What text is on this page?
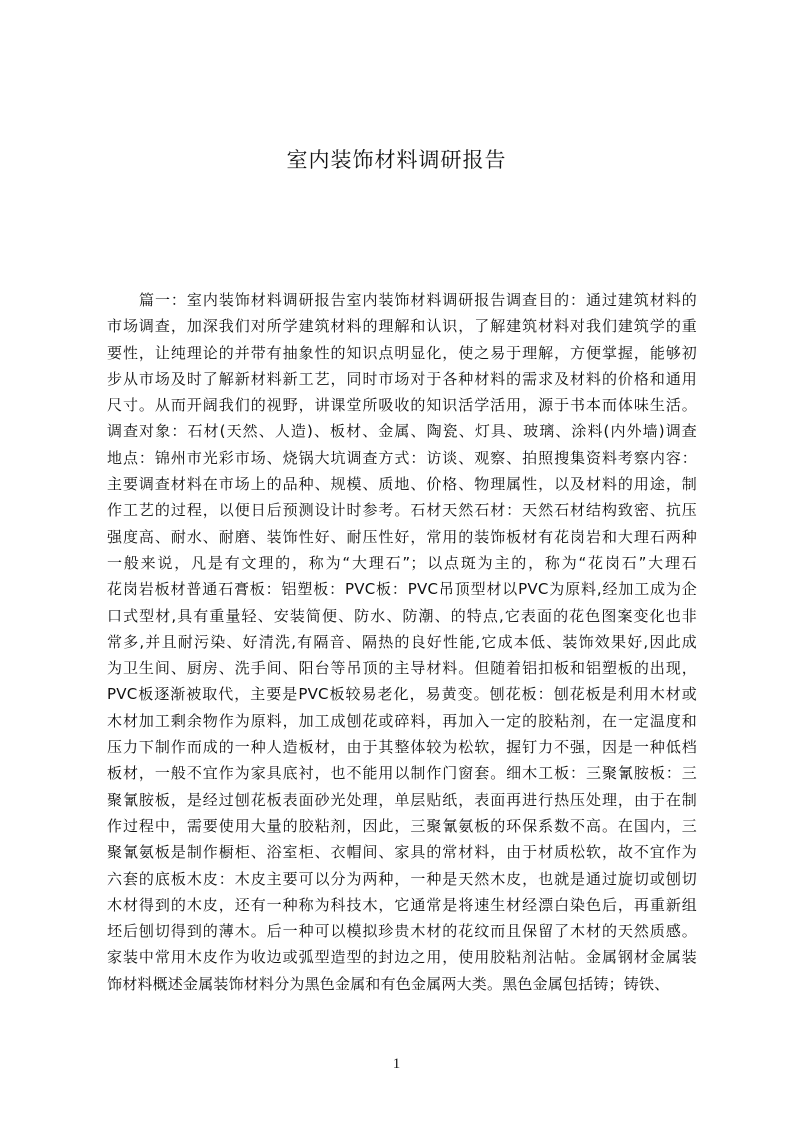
室内装饰材料调研报告
篇一：室内装饰材料调研报告室内装饰材料调研报告调查目的：通过建筑材料的
市场调查，加深我们对所学建筑材料的理解和认识，了解建筑材料对我们建筑学的重
要性，让纯理论的并带有抽象性的知识点明显化，使之易于理解，方便掌握，能够初
步从市场及时了解新材料新工艺，同时市场对于各种材料的需求及材料的价格和通用
尺寸。从而开阔我们的视野，讲课堂所吸收的知识活学活用，源于书本而体味生活。
调查对象：石材(天然、人造)、板材、金属、陶瓷、灯具、玻璃、涂料(内外墙)调查
地点：锦州市光彩市场、烧锅大坑调查方式：访谈、观察、拍照搜集资料考察内容：
主要调查材料在市场上的品种、规模、质地、价格、物理属性，以及材料的用途，制
作工艺的过程，以便日后预测设计时参考。石材天然石材：天然石材结构致密、抗压
强度高、耐水、耐磨、装饰性好、耐压性好，常用的装饰板材有花岗岩和大理石两种
一般来说，凡是有文理的，称为“大理石”；以点斑为主的，称为“花岗石”大理石
花岗岩板材普通石膏板：铝塑板：PVC板：PVC吊顶型材以PVC为原料,经加工成为企
口式型材,具有重量轻、安装简便、防水、防潮、的特点,它表面的花色图案变化也非
常多,并且耐污染、好清洗,有隔音、隔热的良好性能,它成本低、装饰效果好,因此成
为卫生间、厨房、洗手间、阳台等吊顶的主导材料。但随着铝扣板和铝塑板的出现，
PVC板逐渐被取代，主要是PVC板较易老化，易黄变。刨花板：刨花板是利用木材或
木材加工剩余物作为原料，加工成刨花或碎料，再加入一定的胶粘剂，在一定温度和
压力下制作而成的一种人造板材，由于其整体较为松软，握钉力不强，因是一种低档
板材，一般不宜作为家具底衬，也不能用以制作门窗套。细木工板：三聚氰胺板：三
聚氰胺板，是经过刨花板表面砂光处理，单层贴纸，表面再进行热压处理，由于在制
作过程中，需要使用大量的胶粘剂，因此，三聚氰氨板的环保系数不高。在国内，三
聚氰氨板是制作橱柜、浴室柜、衣帽间、家具的常材料，由于材质松软，故不宜作为
六套的底板木皮：木皮主要可以分为两种，一种是天然木皮，也就是通过旋切或刨切
木材得到的木皮，还有一种称为科技木，它通常是将速生材经漂白染色后，再重新组
坯后刨切得到的薄木。后一种可以模拟珍贵木材的花纹而且保留了木材的天然质感。
家装中常用木皮作为收边或弧型造型的封边之用，使用胶粘剂沾帖。金属钢材金属装
饰材料概述金属装饰材料分为黑色金属和有色金属两大类。黑色金属包括铸；铸铁、
1
